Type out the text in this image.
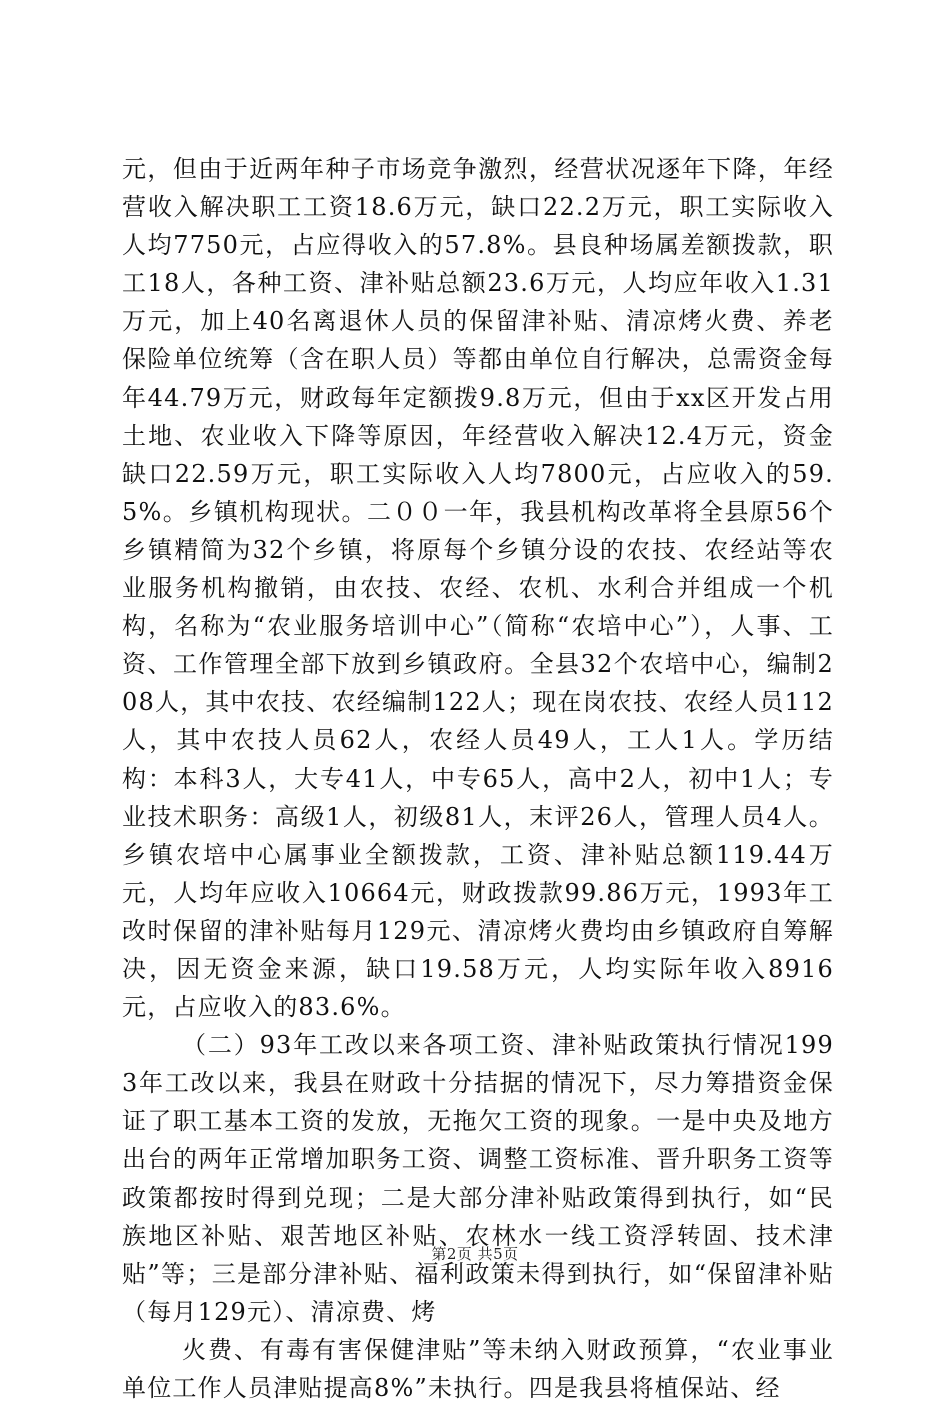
元，但由于近两年种子市场竞争激烈，经营状况逐年下降，年经营收入解决职工工资18.6万元，缺口22.2万元，职工实际收入人均7750元，占应得收入的57.8%。县良种场属差额拨款，职工18人，各种工资、津补贴总额23.6万元，人均应年收入1.31万元，加上40名离退休人员的保留津补贴、清凉烤火费、养老保险单位统筹（含在职人员）等都由单位自行解决，总需资金每年44.79万元，财政每年定额拨9.8万元，但由于xx区开发占用土地、农业收入下降等原因，年经营收入解决12.4万元，资金缺口22.59万元，职工实际收入人均7800元，占应收入的59.5%。乡镇机构现状。二００一年，我县机构改革将全县原56个乡镇精简为32个乡镇，将原每个乡镇分设的农技、农经站等农业服务机构撤销，由农技、农经、农机、水利合并组成一个机构，名称为“农业服务培训中心”（简称“农培中心”），人事、工资、工作管理全部下放到乡镇政府。全县32个农培中心，编制208人，其中农技、农经编制122人；现在岗农技、农经人员112人，其中农技人员62人，农经人员49人，工人1人。学历结构：本科3人，大专41人，中专65人，高中2人，初中1人；专业技术职务：高级1人，初级81人，末评26人，管理人员4人。乡镇农培中心属事业全额拨款，工资、津补贴总额119.44万元，人均年应收入10664元，财政拨款99.86万元，1993年工改时保留的津补贴每月129元、清凉烤火费均由乡镇政府自筹解决，因无资金来源，缺口19.58万元，人均实际年收入8916元，占应收入的83.6%。

（二）93年工改以来各项工资、津补贴政策执行情况1993年工改以来，我县在财政十分拮据的情况下，尽力筹措资金保证了职工基本工资的发放，无拖欠工资的现象。一是中央及地方出台的两年正常增加职务工资、调整工资标准、晋升职务工资等政策都按时得到兑现；二是大部分津补贴政策得到执行，如“民族地区补贴、艰苦地区补贴、农林水一线工资浮转固、技术津贴”等；三是部分津补贴、福利政策未得到执行，如“保留津补贴（每月129元）、清凉费、烤

火费、有毒有害保健津贴”等未纳入财政预算，“农业事业单位工作人员津贴提高8%”未执行。四是我县将植保站、经

第2页 共5页
